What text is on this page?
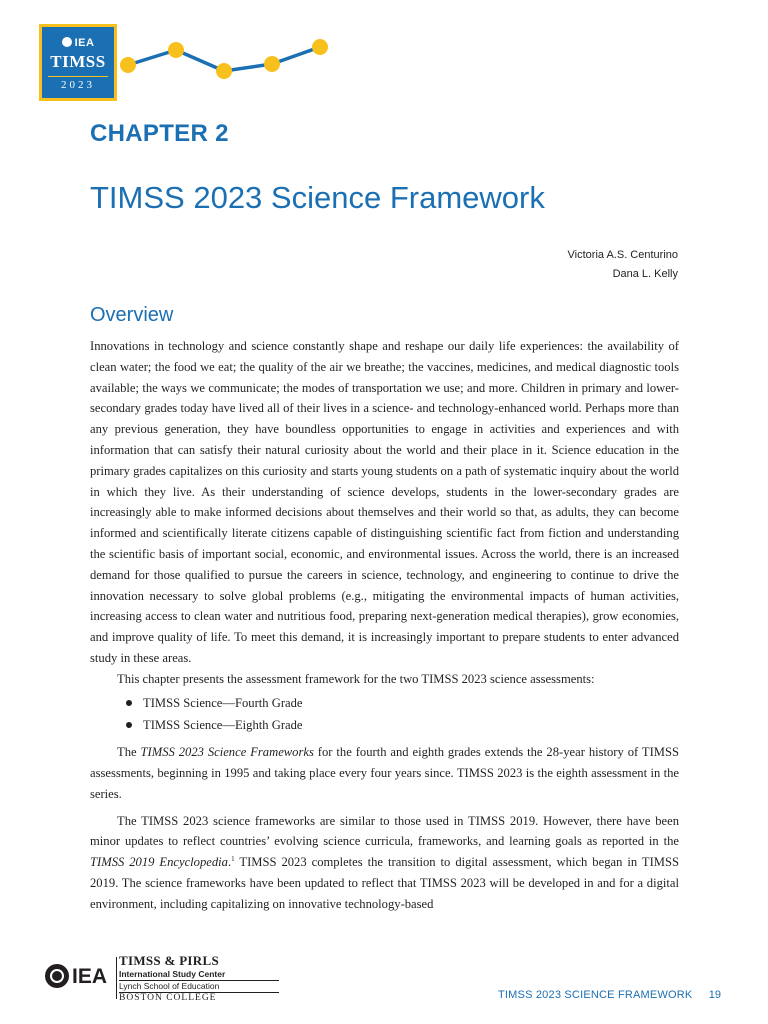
IEA
TIMSS
2023
CHAPTER 2
TIMSS 2023 Science Framework
Victoria A.S. Centurino
Dana L. Kelly
Overview

Innovations in technology and science constantly shape and reshape our daily life experiences: the availability of clean water; the food we eat; the quality of the air we breathe; the vaccines, medicines, and medical diagnostic tools available; the ways we communicate; the modes of transportation we use; and more. Children in primary and lower-secondary grades today have lived all of their lives in a science- and technology-enhanced world. Perhaps more than any previous generation, they have boundless opportunities to engage in activities and experiences and with information that can satisfy their natural curiosity about the world and their place in it. Science education in the primary grades capitalizes on this curiosity and starts young students on a path of systematic inquiry about the world in which they live. As their understanding of science develops, students in the lower-secondary grades are increasingly able to make informed decisions about themselves and their world so that, as adults, they can become informed and scientifically literate citizens capable of distinguishing scientific fact from fiction and understanding the scientific basis of important social, economic, and environmental issues. Across the world, there is an increased demand for those qualified to pursue the careers in science, technology, and engineering to continue to drive the innovation necessary to solve global problems (e.g., mitigating the environmental impacts of human activities, increasing access to clean water and nutritious food, preparing next-generation medical therapies), grow economies, and improve quality of life. To meet this demand, it is increasingly important to prepare students to enter advanced study in these areas.

This chapter presents the assessment framework for the two TIMSS 2023 science assessments:

TIMSS Science—Fourth Grade
TIMSS Science—Eighth Grade

The TIMSS 2023 Science Frameworks for the fourth and eighth grades extends the 28-year history of TIMSS assessments, beginning in 1995 and taking place every four years since. TIMSS 2023 is the eighth assessment in the series.

The TIMSS 2023 science frameworks are similar to those used in TIMSS 2019. However, there have been minor updates to reflect countries’ evolving science curricula, frameworks, and learning goals as reported in the TIMSS 2019 Encyclopedia.$^1$ TIMSS 2023 completes the transition to digital assessment, which began in TIMSS 2019. The science frameworks have been updated to reflect that TIMSS 2023 will be developed in and for a digital environment, including capitalizing on innovative technology-based

IEA
TIMSS & PIRLS
International Study Center
Lynch School of Education
BOSTON COLLEGE	TIMSS 2023 SCIENCE FRAMEWORK 19
